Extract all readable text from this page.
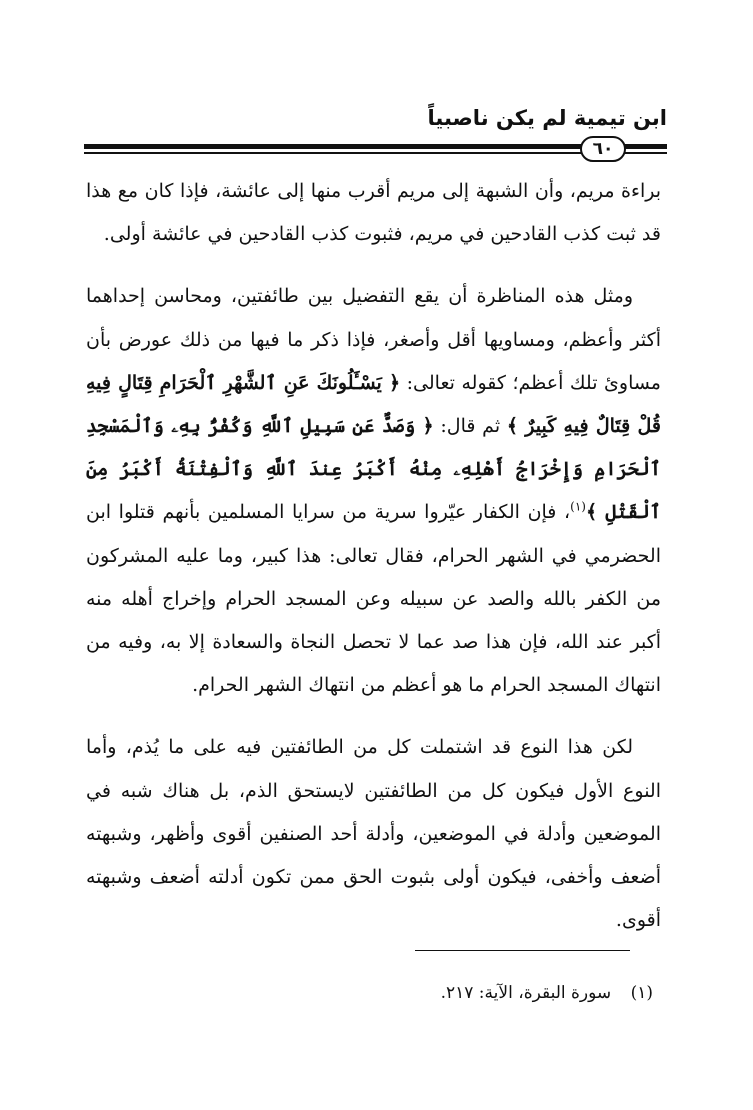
ابن تيمية لم يكن ناصبياً
٦٠

براءة مريم، وأن الشبهة إلى مريم أقرب منها إلى عائشة، فإذا كان مع هذا قد ثبت كذب القادحين في مريم، فثبوت كذب القادحين في عائشة أولى.

ومثل هذه المناظرة أن يقع التفضيل بين طائفتين، ومحاسن إحداهما أكثر وأعظم، ومساويها أقل وأصغر، فإذا ذكر ما فيها من ذلك عورض بأن مساوئ تلك أعظم؛ كقوله تعالى: ﴿ يَسْـَٔلُونَكَ عَنِ ٱلشَّهْرِ ٱلْحَرَامِ قِتَالٍ فِيهِ قُلْ قِتَالٌ فِيهِ كَبِيرٌ ﴾ ثم قال: ﴿ وَصَدٌّ عَن سَبِيلِ ٱللَّهِ وَكُفْرٌۢ بِهِۦ وَٱلْمَسْجِدِ ٱلْحَرَامِ وَإِخْرَاجُ أَهْلِهِۦ مِنْهُ أَكْبَرُ عِندَ ٱللَّهِ وَٱلْفِتْنَةُ أَكْبَرُ مِنَ ٱلْقَتْلِ ﴾$^{(١)}$، فإن الكفار عيّروا سرية من سرايا المسلمين بأنهم قتلوا ابن الحضرمي في الشهر الحرام، فقال تعالى: هذا كبير، وما عليه المشركون من الكفر بالله والصد عن سبيله وعن المسجد الحرام وإخراج أهله منه أكبر عند الله، فإن هذا صد عما لا تحصل النجاة والسعادة إلا به، وفيه من انتهاك المسجد الحرام ما هو أعظم من انتهاك الشهر الحرام.

لكن هذا النوع قد اشتملت كل من الطائفتين فيه على ما يُذم، وأما النوع الأول فيكون كل من الطائفتين لايستحق الذم، بل هناك شبه في الموضعين وأدلة في الموضعين، وأدلة أحد الصنفين أقوى وأظهر، وشبهته أضعف وأخفى، فيكون أولى بثبوت الحق ممن تكون أدلته أضعف وشبهته أقوى.

(١) سورة البقرة، الآية: ٢١٧.
